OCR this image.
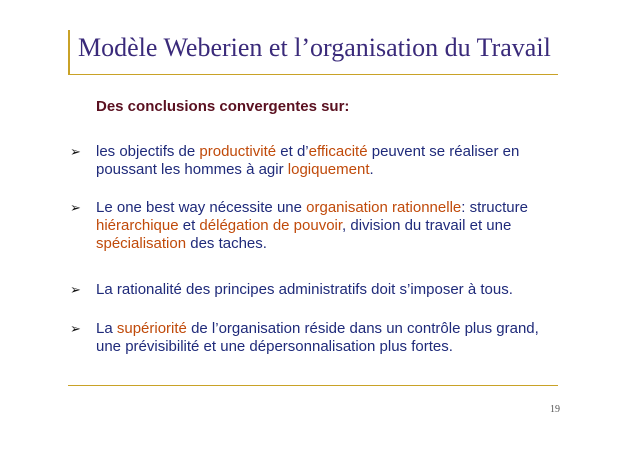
Modèle Weberien et l’organisation du Travail
Des conclusions convergentes sur:
➢ les objectifs de productivité et d’efficacité peuvent se réaliser en poussant les hommes à agir logiquement.
➢ Le one best way nécessite une organisation rationnelle: structure hiérarchique et délégation de pouvoir, division du travail et une spécialisation des taches.
➢ La rationalité des principes administratifs doit s’imposer à tous.
➢ La supériorité de l’organisation réside dans un contrôle plus grand, une prévisibilité et une dépersonnalisation plus fortes.
19
